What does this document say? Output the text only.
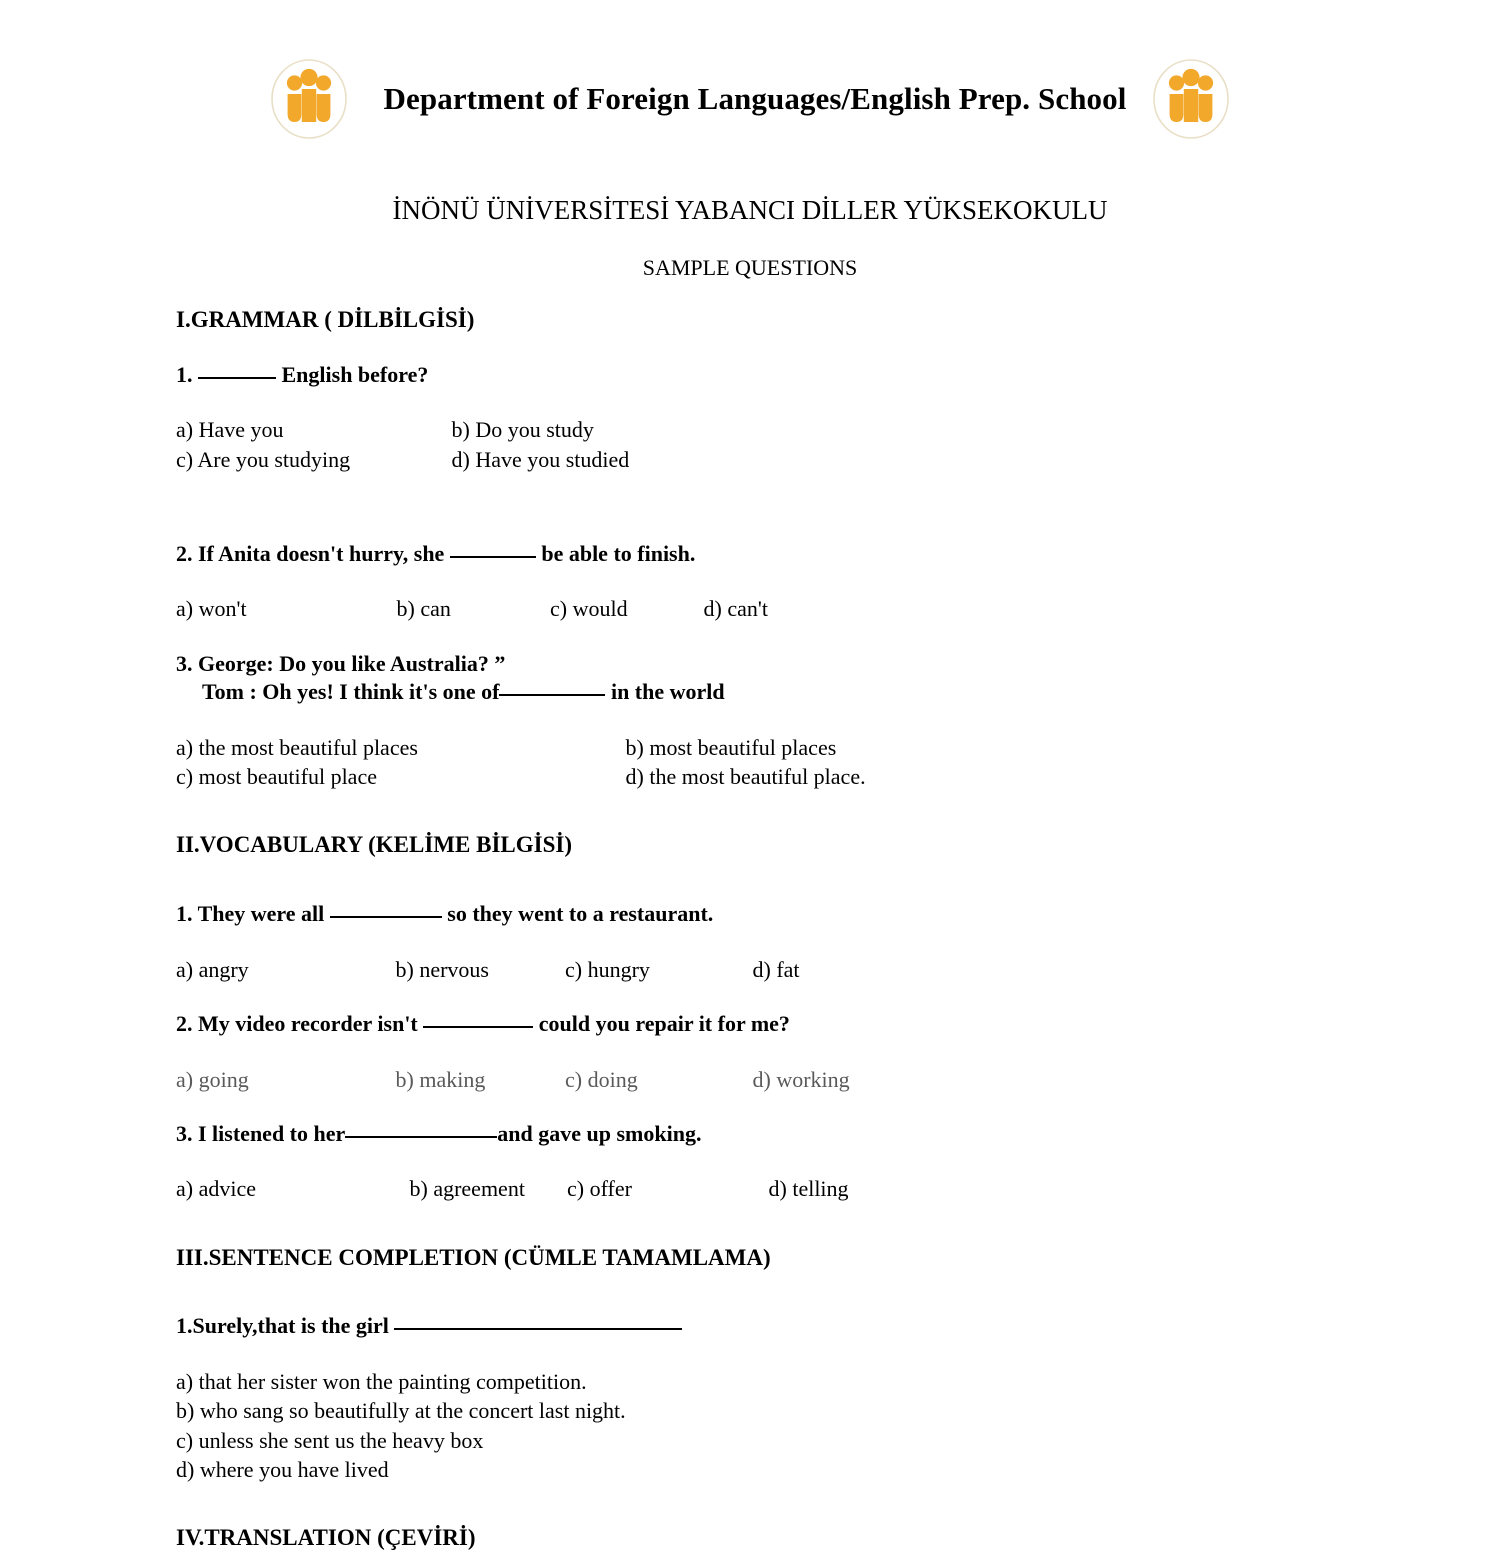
Department of Foreign Languages/English Prep. School
İNÖNÜ ÜNİVERSİTESİ YABANCI DİLLER YÜKSEKOKULU
SAMPLE QUESTIONS
I.GRAMMAR ( DİLBİLGİSİ)
1.	English before?
a) Have you	b) Do you study
c) Are you studying	d) Have you studied
2. If Anita doesn't hurry, she	be able to finish.
a) won't	b) can	c) would	d) can't
3. George: Do you like Australia? ”
Tom : Oh yes! I think it's one of	in the world
a) the most beautiful places	b) most beautiful places
c) most beautiful place	d) the most beautiful place.
II.VOCABULARY (KELİME BİLGİSİ)
1. They were all	so they went to a restaurant.
a) angry	b) nervous	c) hungry	d) fat
2. My video recorder isn't	could you repair it for me?
a) going	b) making	c) doing	d) working
3. I listened to her	and gave up smoking.
a) advice	b) agreement c) offer	d) telling
III.SENTENCE COMPLETION (CÜMLE TAMAMLAMA)
1.Surely,that is the girl
a) that her sister won the painting competition.
b) who sang so beautifully at the concert last night.
c) unless she sent us the heavy box
d) where you have lived
IV.TRANSLATION (ÇEVİRİ)
